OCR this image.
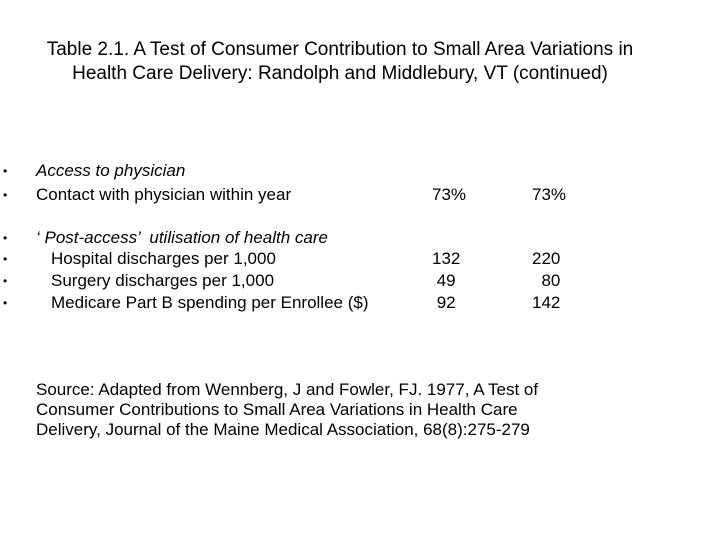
Table 2.1. A Test of Consumer Contribution to Small Area Variations in
Health Care Delivery: Randolph and Middlebury, VT (continued)
• Access to physician
• Contact with physician within year	73%	73%
• ‘ Post-access’  utilisation of health care
•	Hospital discharges per 1,000	132	220
•	Surgery discharges per 1,000	49	80
•	Medicare Part B spending per Enrollee ($)	92	142
Source: Adapted from Wennberg, J and Fowler, FJ. 1977, A Test of
Consumer Contributions to Small Area Variations in Health Care
Delivery, Journal of the Maine Medical Association, 68(8):275-279
